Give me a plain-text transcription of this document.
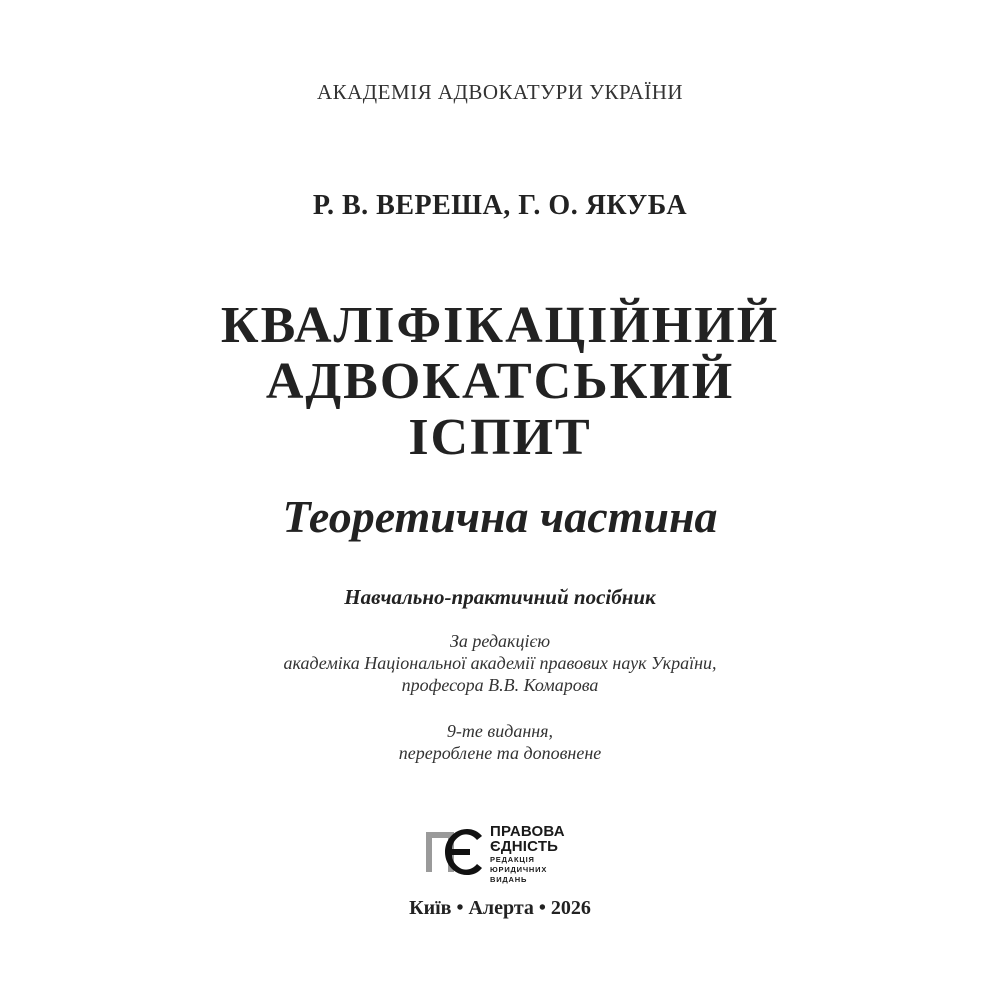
АКАДЕМІЯ АДВОКАТУРИ УКРАЇНИ
Р. В. ВЕРЕША, Г. О. ЯКУБА
КВАЛІФІКАЦІЙНИЙ
АДВОКАТСЬКИЙ
ІСПИТ
Теоретична частина
Навчально-практичний посібник
За редакцією
академіка Національної академії правових наук України,
професора В.В. Комарова
9-те видання,
перероблене та доповнене
ПРАВОВА
ЄДНІСТЬ
РЕДАКЦІЯ
ЮРИДИЧНИХ
ВИДАНЬ
Київ • Алерта • 2026
